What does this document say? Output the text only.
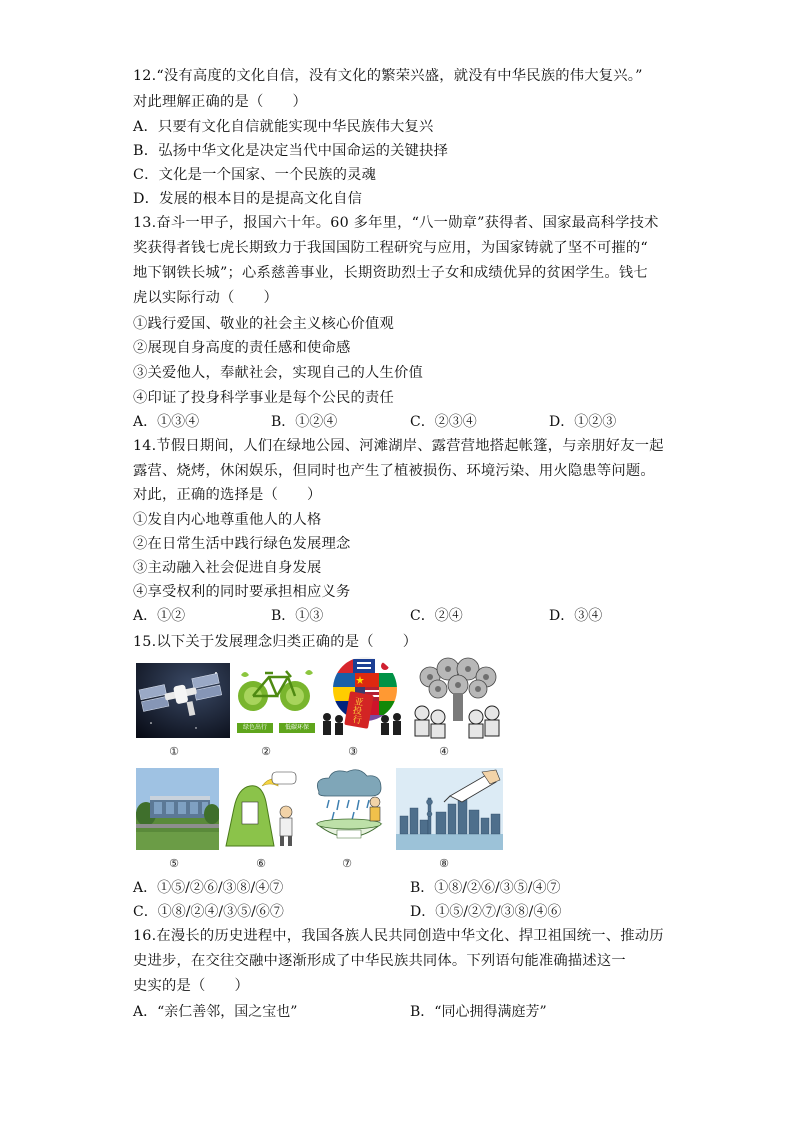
12.“没有高度的文化自信，没有文化的繁荣兴盛，就没有中华民族的伟大复兴。”
对此理解正确的是（　　）
A．只要有文化自信就能实现中华民族伟大复兴
B．弘扬中华文化是决定当代中国命运的关键抉择
C．文化是一个国家、一个民族的灵魂
D．发展的根本目的是提高文化自信
13.奋斗一甲子，报国六十年。60 多年里，“八一勋章”获得者、国家最高科学技术
奖获得者钱七虎长期致力于我国国防工程研究与应用，为国家铸就了坚不可摧的“
地下钢铁长城”；心系慈善事业，长期资助烈士子女和成绩优异的贫困学生。钱七
虎以实际行动（　　）
①践行爱国、敬业的社会主义核心价值观
②展现自身高度的责任感和使命感
③关爱他人，奉献社会，实现自己的人生价值
④印证了投身科学事业是每个公民的责任
A．①③④	B．①②④	C．②③④	D．①②③
14.节假日期间，人们在绿地公园、河滩湖岸、露营营地搭起帐篷，与亲朋好友一起
露营、烧烤，休闲娱乐，但同时也产生了植被损伤、环境污染、用火隐患等问题。
对此，正确的选择是（　　）
①发自内心地尊重他人的人格
②在日常生活中践行绿色发展理念
③主动融入社会促进自身发展
④享受权利的同时要承担相应义务
A．①②	B．①③	C．②④	D．③④
15.以下关于发展理念归类正确的是（　　）
①
绿色出行	低碳环保
②
亚 投 行
③	④
⑤	⑥	⑦	⑧
A．①⑤/②⑥/③⑧/④⑦	B．①⑧/②⑥/③⑤/④⑦
C．①⑧/②④/③⑤/⑥⑦	D．①⑤/②⑦/③⑧/④⑥
16.在漫长的历史进程中，我国各族人民共同创造中华文化、捍卫祖国统一、推动历
史进步，在交往交融中逐渐形成了中华民族共同体。下列语句能准确描述这一
史实的是（　　）
A．“亲仁善邻，国之宝也”	B．“同心拥得满庭芳”
